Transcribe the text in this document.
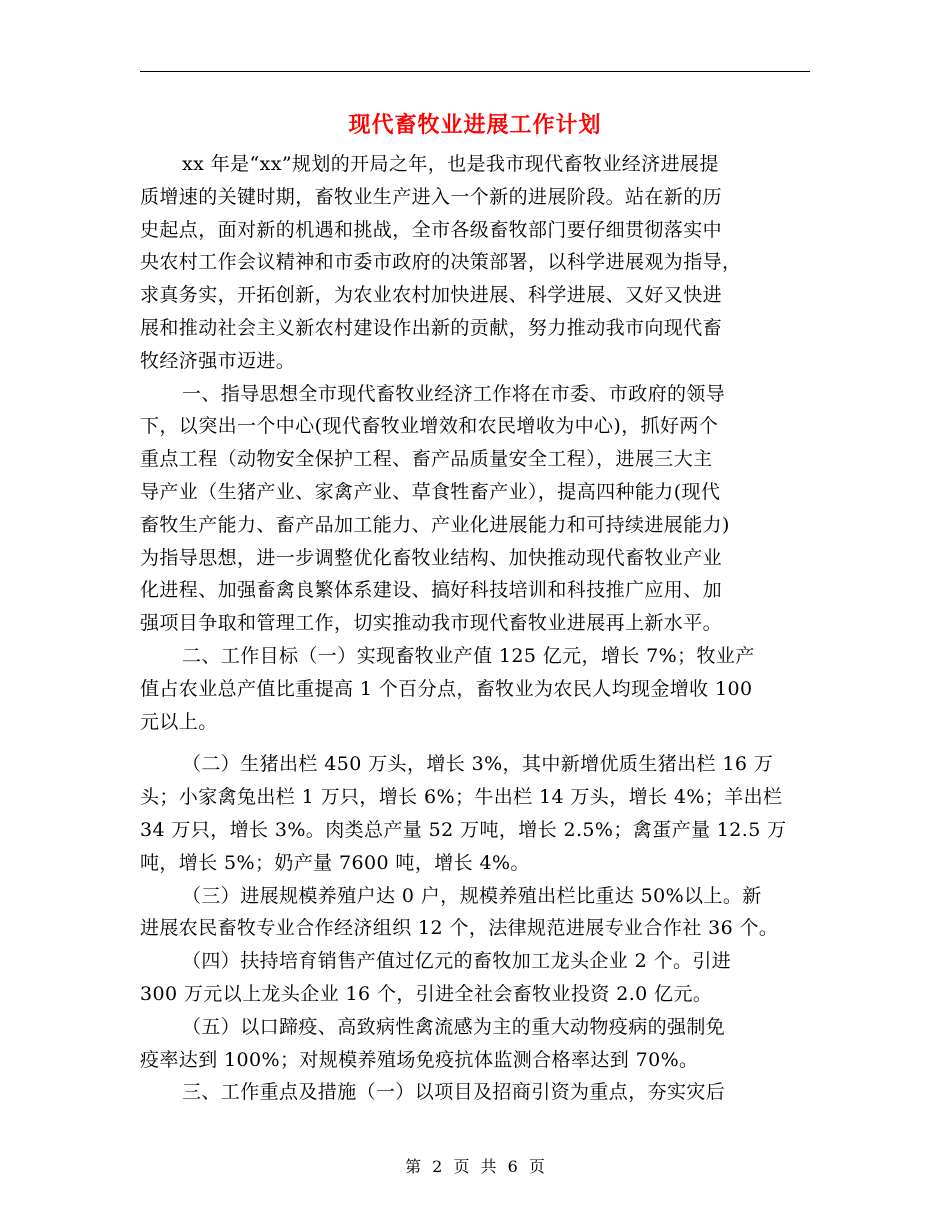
现代畜牧业进展工作计划
xx 年是“xx”规划的开局之年，也是我市现代畜牧业经济进展提
质增速的关键时期，畜牧业生产进入一个新的进展阶段。站在新的历
史起点，面对新的机遇和挑战，全市各级畜牧部门要仔细贯彻落实中
央农村工作会议精神和市委市政府的决策部署，以科学进展观为指导，
求真务实，开拓创新，为农业农村加快进展、科学进展、又好又快进
展和推动社会主义新农村建设作出新的贡献，努力推动我市向现代畜
牧经济强市迈进。
一、指导思想全市现代畜牧业经济工作将在市委、市政府的领导
下，以突出一个中心(现代畜牧业增效和农民增收为中心)，抓好两个
重点工程（动物安全保护工程、畜产品质量安全工程），进展三大主
导产业（生猪产业、家禽产业、草食牲畜产业），提高四种能力(现代
畜牧生产能力、畜产品加工能力、产业化进展能力和可持续进展能力)
为指导思想，进一步调整优化畜牧业结构、加快推动现代畜牧业产业
化进程、加强畜禽良繁体系建设、搞好科技培训和科技推广应用、加
强项目争取和管理工作，切实推动我市现代畜牧业进展再上新水平。
二、工作目标（一）实现畜牧业产值 125 亿元，增长 7%；牧业产
值占农业总产值比重提高 1 个百分点，畜牧业为农民人均现金增收 100
元以上。
（二）生猪出栏 450 万头，增长 3%，其中新增优质生猪出栏 16 万
头；小家禽兔出栏 1 万只，增长 6%；牛出栏 14 万头，增长 4%；羊出栏
34 万只，增长 3%。肉类总产量 52 万吨，增长 2.5%；禽蛋产量 12.5 万
吨，增长 5%；奶产量 7600 吨，增长 4%。
（三）进展规模养殖户达 0 户，规模养殖出栏比重达 50%以上。新
进展农民畜牧专业合作经济组织 12 个，法律规范进展专业合作社 36 个。
（四）扶持培育销售产值过亿元的畜牧加工龙头企业 2 个。引进
300 万元以上龙头企业 16 个，引进全社会畜牧业投资 2.0 亿元。
（五）以口蹄疫、高致病性禽流感为主的重大动物疫病的强制免
疫率达到 100%；对规模养殖场免疫抗体监测合格率达到 70%。
三、工作重点及措施（一）以项目及招商引资为重点，夯实灾后
第 2 页 共 6 页
